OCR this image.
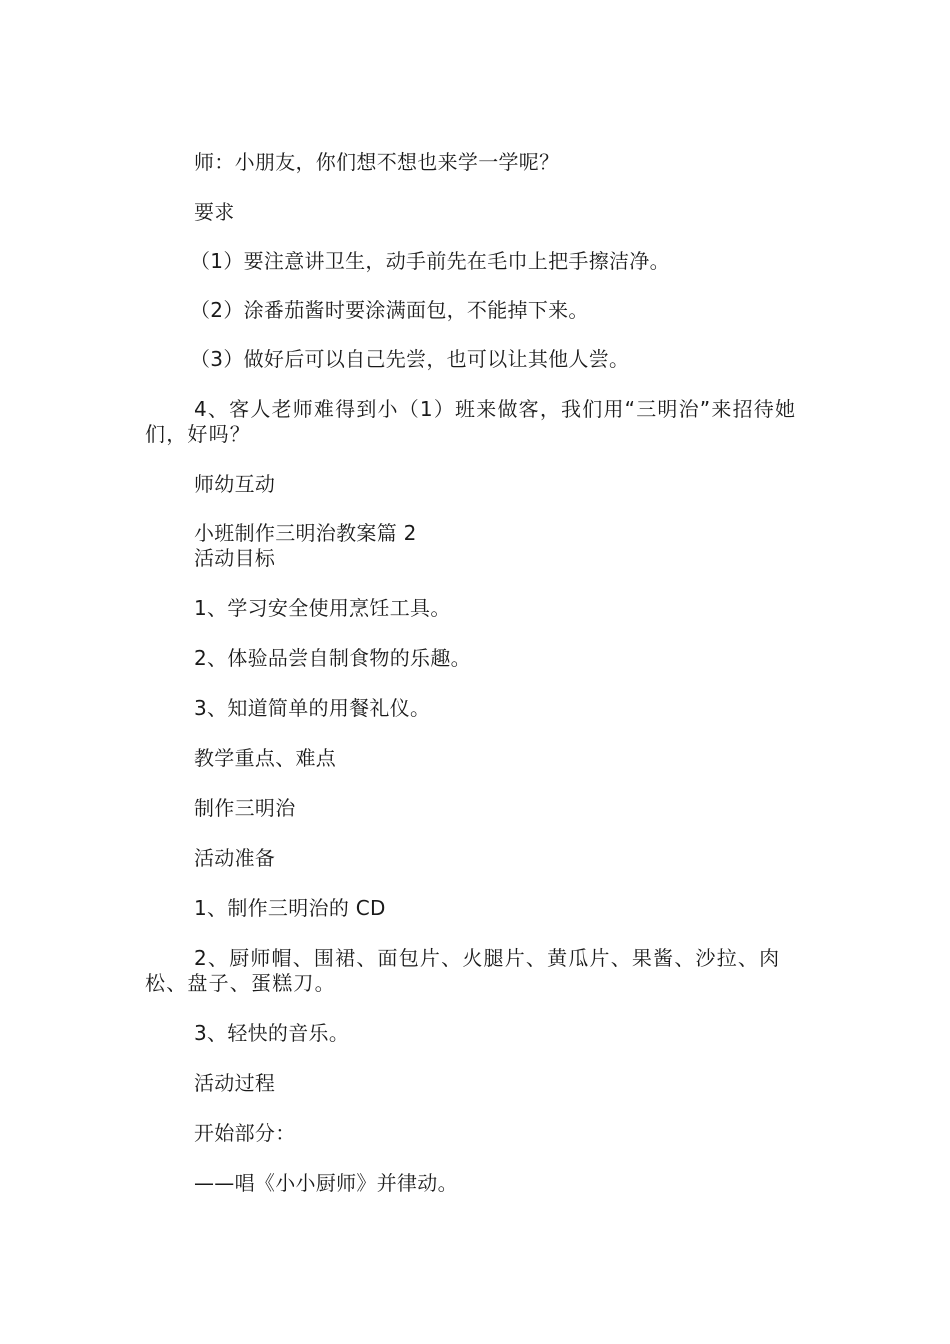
师：小朋友，你们想不想也来学一学呢？

要求

（1）要注意讲卫生，动手前先在毛巾上把手擦洁净。

（2）涂番茄酱时要涂满面包，不能掉下来。

（3）做好后可以自己先尝，也可以让其他人尝。

4、客人老师难得到小（1）班来做客，我们用“三明治”来招待她们，好吗？

师幼互动

小班制作三明治教案篇 2

活动目标

1、学习安全使用烹饪工具。

2、体验品尝自制食物的乐趣。

3、知道简单的用餐礼仪。

教学重点、难点

制作三明治

活动准备

1、制作三明治的 CD

2、厨师帽、围裙、面包片、火腿片、黄瓜片、果酱、沙拉、肉松、盘子、蛋糕刀。

3、轻快的音乐。

活动过程

开始部分：

——唱《小小厨师》并律动。
